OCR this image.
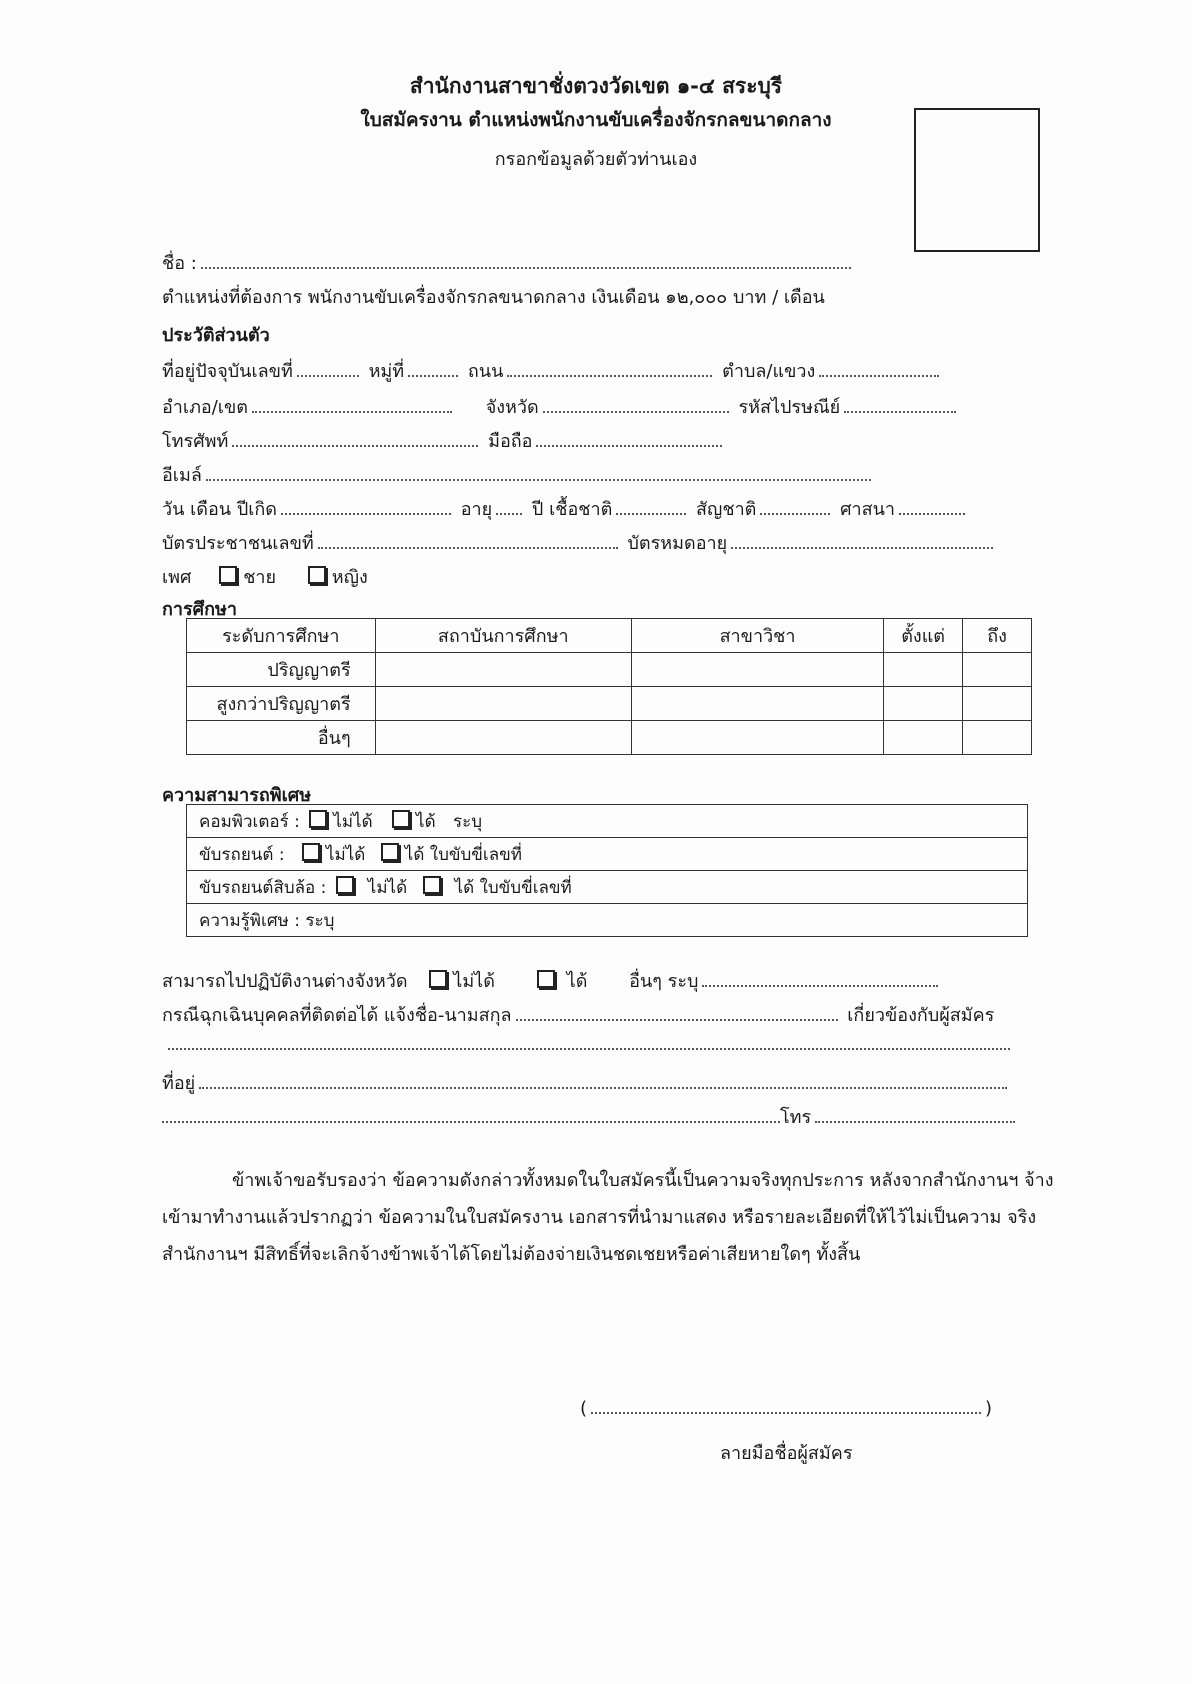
สำนักงานสาขาชั่งตวงวัดเขต ๑-๔ สระบุรี
ใบสมัครงาน ตำแหน่งพนักงานขับเครื่องจักรกลขนาดกลาง
กรอกข้อมูลด้วยตัวท่านเอง
ชื่อ :
ตำแหน่งที่ต้องการ พนักงานขับเครื่องจักรกลขนาดกลาง เงินเดือน ๑๒,๐๐๐ บาท / เดือน
ประวัติส่วนตัว
ที่อยู่ปัจจุบันเลขที่	หมู่ที่	ถนน	ตำบล/แขวง
อำเภอ/เขต	จังหวัด	รหัสไปรษณีย์
โทรศัพท์	มือถือ
อีเมล์
วัน เดือน ปีเกิด	อายุ ปี เชื้อชาติ	สัญชาติ	ศาสนา
บัตรประชาชนเลขที่	บัตรหมดอายุ
เพศ	ชาย	หญิง
การศึกษา
ระดับการศึกษา	สถาบันการศึกษา	สาขาวิชา	ตั้งแต่	ถึง
ปริญญาตรี				
สูงกว่าปริญญาตรี				
อื่นๆ				
ความสามารถพิเศษ
คอมพิวเตอร์ : ไม่ได้	ได้ ระบุ
ขับรถยนต์ : ไม่ได้ ได้ ใบขับขี่เลขที่
ขับรถยนต์สิบล้อ : ไม่ได้	ได้ ใบขับขี่เลขที่
ความรู้พิเศษ : ระบุ
สามารถไปปฏิบัติงานต่างจังหวัด	ไม่ได้	ได้ อื่นๆ ระบุ
กรณีฉุกเฉินบุคคลที่ติดต่อได้ แจ้งชื่อ-นามสกุล	เกี่ยวข้องกับผู้สมัคร
ที่อยู่
โทร
ข้าพเจ้าขอรับรองว่า ข้อความดังกล่าวทั้งหมดในใบสมัครนี้เป็นความจริงทุกประการ หลังจากสำนักงานฯ จ้างเข้ามาทำงานแล้วปรากฏว่า ข้อความในใบสมัครงาน เอกสารที่นำมาแสดง หรือรายละเอียดที่ให้ไว้ไม่เป็นความ จริง สำนักงานฯ มีสิทธิ์ที่จะเลิกจ้างข้าพเจ้าได้โดยไม่ต้องจ่ายเงินชดเชยหรือค่าเสียหายใดๆ ทั้งสิ้น
(	)
ลายมือชื่อผู้สมัคร
